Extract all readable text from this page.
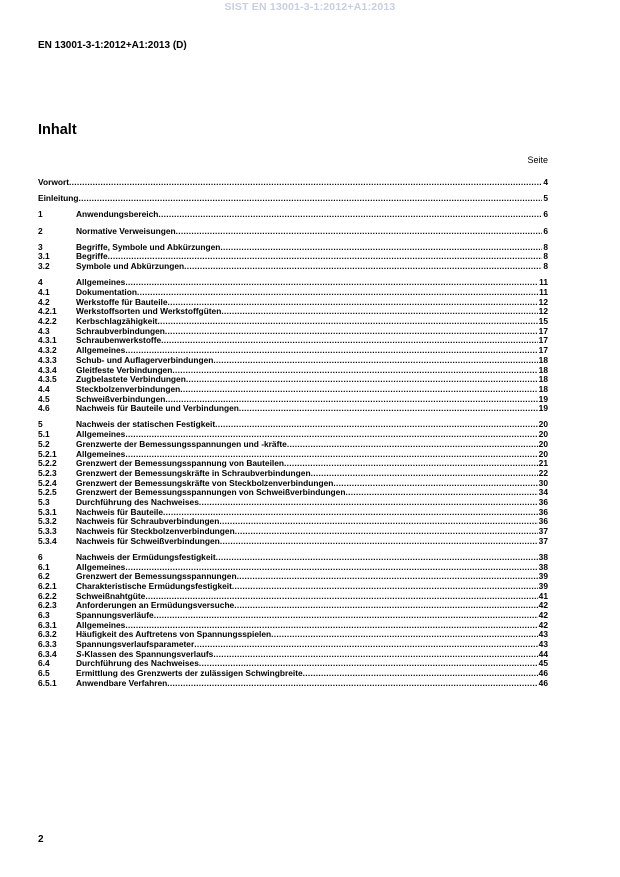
SIST EN 13001-3-1:2012+A1:2013
EN 13001-3-1:2012+A1:2013 (D)
Inhalt
Seite
Vorwort .....	4
Einleitung .....	5
1	Anwendungsbereich .....	6
2	Normative Verweisungen .....	6
3	Begriffe, Symbole und Abkürzungen .....	8
3.1	Begriffe .....	8
3.2	Symbole und Abkürzungen .....	8
4	Allgemeines .....	11
4.1	Dokumentation .....	11
4.2	Werkstoffe für Bauteile .....	12
4.2.1 Werkstoffsorten und Werkstoffgüten .....	12
4.2.2 Kerbschlagzähigkeit .....	15
4.3	Schraubverbindungen .....	17
4.3.1 Schraubenwerkstoffe .....	17
4.3.2 Allgemeines .....	17
4.3.3 Schub- und Auflagerverbindungen .....	18
4.3.4 Gleitfeste Verbindungen .....	18
4.3.5 Zugbelastete Verbindungen .....	18
4.4	Steckbolzenverbindungen .....	18
4.5	Schweißverbindungen .....	19
4.6	Nachweis für Bauteile und Verbindungen .....	19
5	Nachweis der statischen Festigkeit .....	20
5.1	Allgemeines .....	20
5.2	Grenzwerte der Bemessungsspannungen und -kräfte .....	20
5.2.1 Allgemeines .....	20
5.2.2 Grenzwert der Bemessungsspannung von Bauteilen .....	21
5.2.3 Grenzwert der Bemessungskräfte in Schraubverbindungen .....	22
5.2.4 Grenzwert der Bemessungskräfte von Steckbolzenverbindungen .....	30
5.2.5 Grenzwert der Bemessungsspannungen von Schweißverbindungen .....	34
5.3	Durchführung des Nachweises .....	36
5.3.1 Nachweis für Bauteile .....	36
5.3.2 Nachweis für Schraubverbindungen .....	36
5.3.3 Nachweis für Steckbolzenverbindungen .....	37
5.3.4 Nachweis für Schweißverbindungen .....	37
6	Nachweis der Ermüdungsfestigkeit .....	38
6.1	Allgemeines .....	38
6.2	Grenzwert der Bemessungsspannungen .....	39
6.2.1 Charakteristische Ermüdungsfestigkeit .....	39
6.2.2 Schweißnahtgüte .....	41
6.2.3 Anforderungen an Ermüdungsversuche .....	42
6.3	Spannungsverläufe .....	42
6.3.1 Allgemeines .....	42
6.3.2 Häufigkeit des Auftretens von Spannungsspielen .....	43
6.3.3 Spannungsverlaufsparameter .....	43
6.3.4 S-Klassen des Spannungsverlaufs .....	44
6.4	Durchführung des Nachweises .....	45
6.5	Ermittlung des Grenzwerts der zulässigen Schwingbreite .....	46
6.5.1 Anwendbare Verfahren .....	46
2
